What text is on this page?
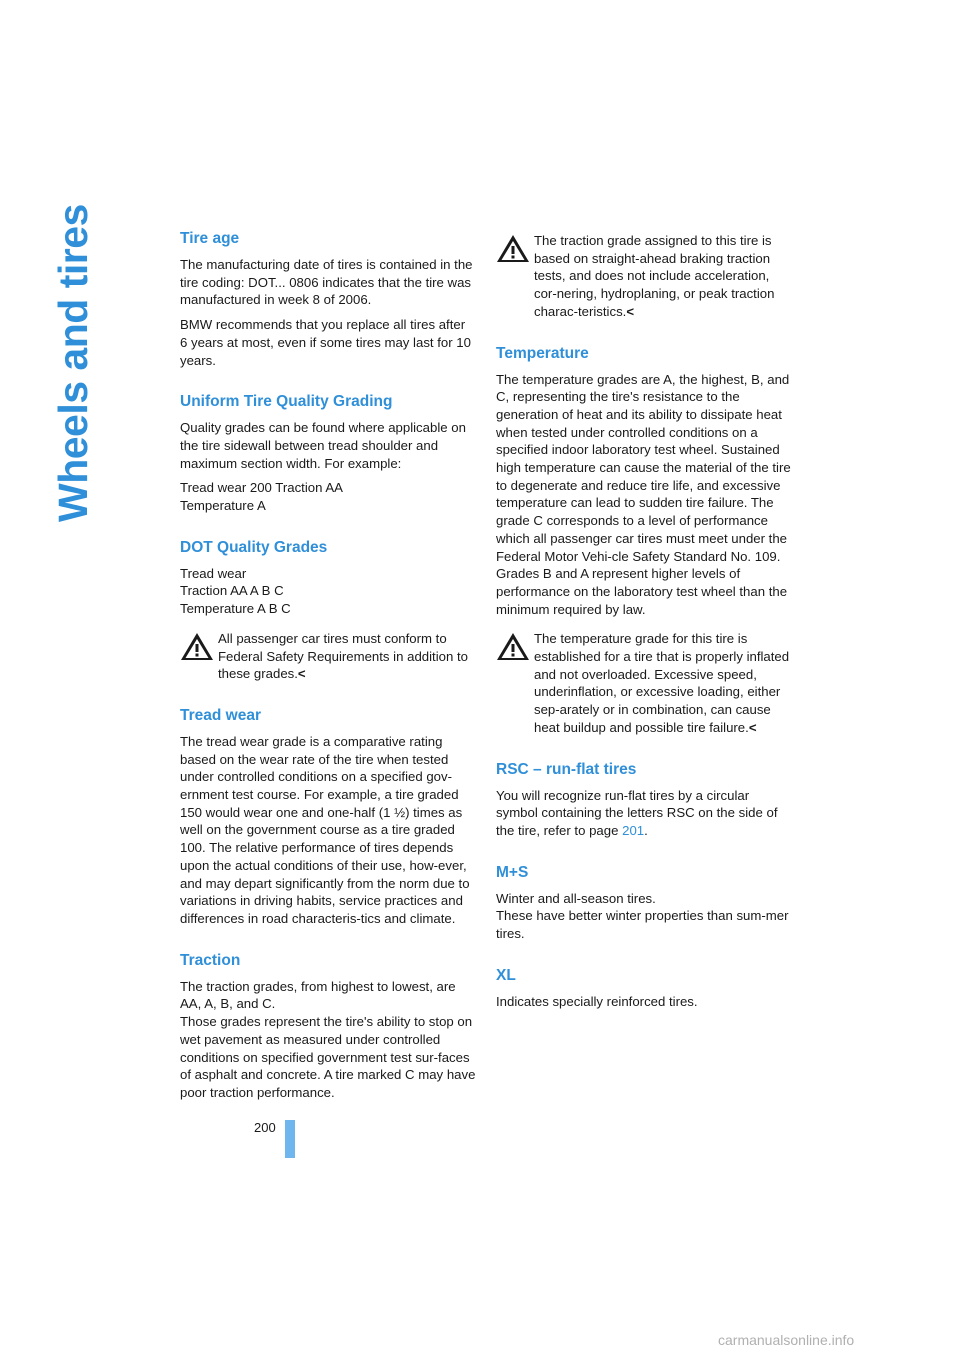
Wheels and tires	Tire age

The manufacturing date of tires is contained in the tire coding: DOT... 0806 indicates that the tire was manufactured in week 8 of 2006.

BMW recommends that you replace all tires after 6 years at most, even if some tires may last for 10 years.

Uniform Tire Quality Grading

Quality grades can be found where applicable on the tire sidewall between tread shoulder and maximum section width. For example:

Tread wear 200 Traction AA
Temperature A

DOT Quality Grades

Tread wear
Traction AA A B C
Temperature A B C

All passenger car tires must conform to Federal Safety Requirements in addition to these grades.<

Tread wear

The tread wear grade is a comparative rating based on the wear rate of the tire when tested under controlled conditions on a specified gov-ernment test course. For example, a tire graded 150 would wear one and one-half (1 ½) times as well on the government course as a tire graded 100. The relative performance of tires depends upon the actual conditions of their use, how-ever, and may depart significantly from the norm due to variations in driving habits, service practices and differences in road characteris-tics and climate.

Traction

The traction grades, from highest to lowest, are AA, A, B, and C.
Those grades represent the tire's ability to stop on wet pavement as measured under controlled conditions on specified government test sur-faces of asphalt and concrete. A tire marked C may have poor traction performance.

The traction grade assigned to this tire is based on straight-ahead braking traction tests, and does not include acceleration, cor-nering, hydroplaning, or peak traction charac-teristics.<

Temperature

The temperature grades are A, the highest, B, and C, representing the tire's resistance to the generation of heat and its ability to dissipate heat when tested under controlled conditions on a specified indoor laboratory test wheel. Sustained high temperature can cause the material of the tire to degenerate and reduce tire life, and excessive temperature can lead to sudden tire failure. The grade C corresponds to a level of performance which all passenger car tires must meet under the Federal Motor Vehi-cle Safety Standard No. 109. Grades B and A represent higher levels of performance on the laboratory test wheel than the minimum required by law.

The temperature grade for this tire is established for a tire that is properly inflated and not overloaded. Excessive speed, underinflation, or excessive loading, either sep-arately or in combination, can cause heat buildup and possible tire failure.<

RSC – run-flat tires

You will recognize run-flat tires by a circular symbol containing the letters RSC on the side of the tire, refer to page 201.

M+S

Winter and all-season tires.
These have better winter properties than sum-mer tires.

XL

Indicates specially reinforced tires.

200
carmanualsonline.info
